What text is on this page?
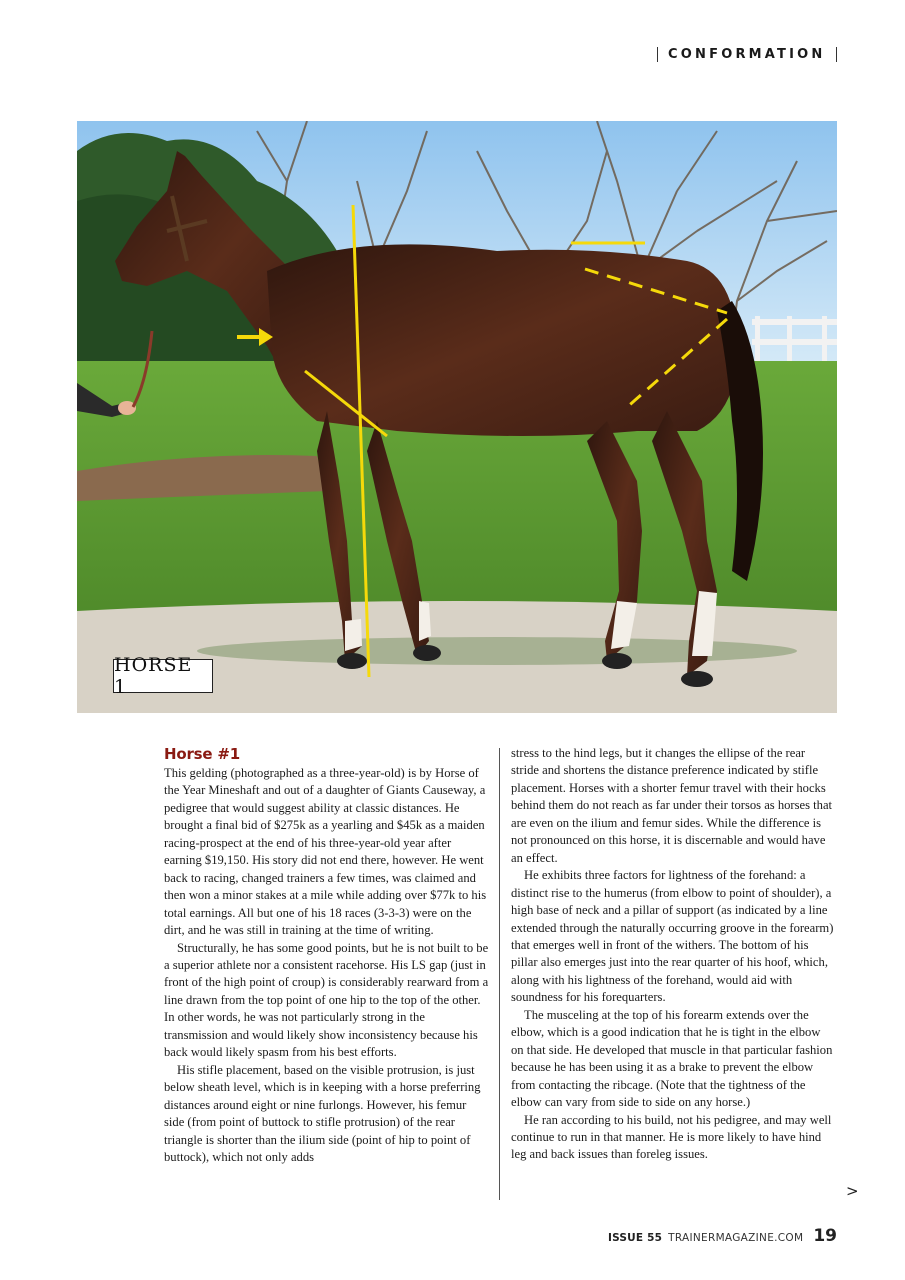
CONFORMATION
HORSE 1
Horse #1
This gelding (photographed as a three-year-old) is by Horse of the Year Mineshaft and out of a daughter of Giants Causeway, a pedigree that would suggest ability at classic distances. He brought a final bid of $275k as a yearling and $45k as a maiden racing-prospect at the end of his three-year-old year after earning $19,150. His story did not end there, however. He went back to racing, changed trainers a few times, was claimed and then won a minor stakes at a mile while adding over $77k to his total earnings. All but one of his 18 races (3-3-3) were on the dirt, and he was still in training at the time of writing.
Structurally, he has some good points, but he is not built to be a superior athlete nor a consistent racehorse. His LS gap (just in front of the high point of croup) is considerably rearward from a line drawn from the top point of one hip to the top of the other. In other words, he was not particularly strong in the transmission and would likely show inconsistency because his back would likely spasm from his best efforts.
His stifle placement, based on the visible protrusion, is just below sheath level, which is in keeping with a horse preferring distances around eight or nine furlongs. However, his femur side (from point of buttock to stifle protrusion) of the rear triangle is shorter than the ilium side (point of hip to point of buttock), which not only adds
stress to the hind legs, but it changes the ellipse of the rear stride and shortens the distance preference indicated by stifle placement. Horses with a shorter femur travel with their hocks behind them do not reach as far under their torsos as horses that are even on the ilium and femur sides. While the difference is not pronounced on this horse, it is discernable and would have an effect.
He exhibits three factors for lightness of the forehand: a distinct rise to the humerus (from elbow to point of shoulder), a high base of neck and a pillar of support (as indicated by a line extended through the naturally occurring groove in the forearm) that emerges well in front of the withers. The bottom of his pillar also emerges just into the rear quarter of his hoof, which, along with his lightness of the forehand, would aid with soundness for his forequarters.
The musceling at the top of his forearm extends over the elbow, which is a good indication that he is tight in the elbow on that side. He developed that muscle in that particular fashion because he has been using it as a brake to prevent the elbow from contacting the ribcage. (Note that the tightness of the elbow can vary from side to side on any horse.)
He ran according to his build, not his pedigree, and may well continue to run in that manner. He is more likely to have hind leg and back issues than foreleg issues.
>
ISSUE 55 TRAINERMAGAZINE.COM 19
